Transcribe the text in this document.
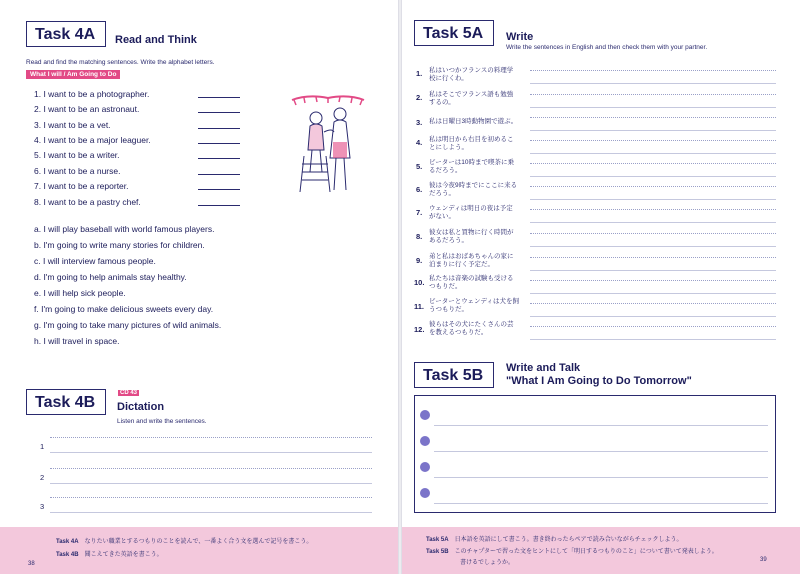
Task 4A	Read and Think
Read and find the matching sentences. Write the alphabet letters.
What I will / Am Going to Do
1. I want to be a photographer.
2. I want to be an astronaut.
3. I want to be a vet.
4. I want to be a major leaguer.
5. I want to be a writer.
6. I want to be a nurse.
7. I want to be a reporter.
8. I want to be a pastry chef.
a. I will play baseball with world famous players.
b. I'm going to write many stories for children.
c. I will interview famous people.
d. I'm going to help animals stay healthy.
e. I will help sick people.
f. I'm going to make delicious sweets every day.
g. I'm going to take many pictures of wild animals.
h. I will travel in space.
Task 4B
CD 43
Dictation
Listen and write the sentences.
1
2
3
Task 5A	Write
Write the sentences in English and then check them with your partner.
1. 私はいつかフランスの料理学校に行くわ。
2. 私はそこでフランス語も勉強するの。
3. 私は日曜日3時動物園で遊ぶ。
4. 私は明日から右目を初めることにしよう。
5. ピーターは10時まで喫茶に乗るだろう。
6. 彼は今夜9時までにここに来るだろう。
7. ウェンディは明日の夜は予定がない。
8. 彼女は私と買物に行く時間があるだろう。
9. 弟と私はおばあちゃんの家に泊まりに行く予定だ。
10. 私たちは音楽の試験も受けるつもりだ。
11.
ピーターとウェンディは犬を飼うつもりだ。
12.
彼らはその犬にたくさんの芸を教えるつもりだ。
Task 5B	Write and Talk
"What I Am Going to Do Tomorrow"
Task 4A なりたい職業とするつもりのことを読んで、一番よく合う文を選んで記号を書こう。
Task 4B 聞こえてきた英語を書こう。
38
Task 5A 日本語を英語にして書こう。書き終わったらペアで読み合いながらチェックしよう。
Task 5B このチャプターで習った文をヒントにして「明日するつもりのこと」について書いて発表しよう。
書けるでしょうか。	39
